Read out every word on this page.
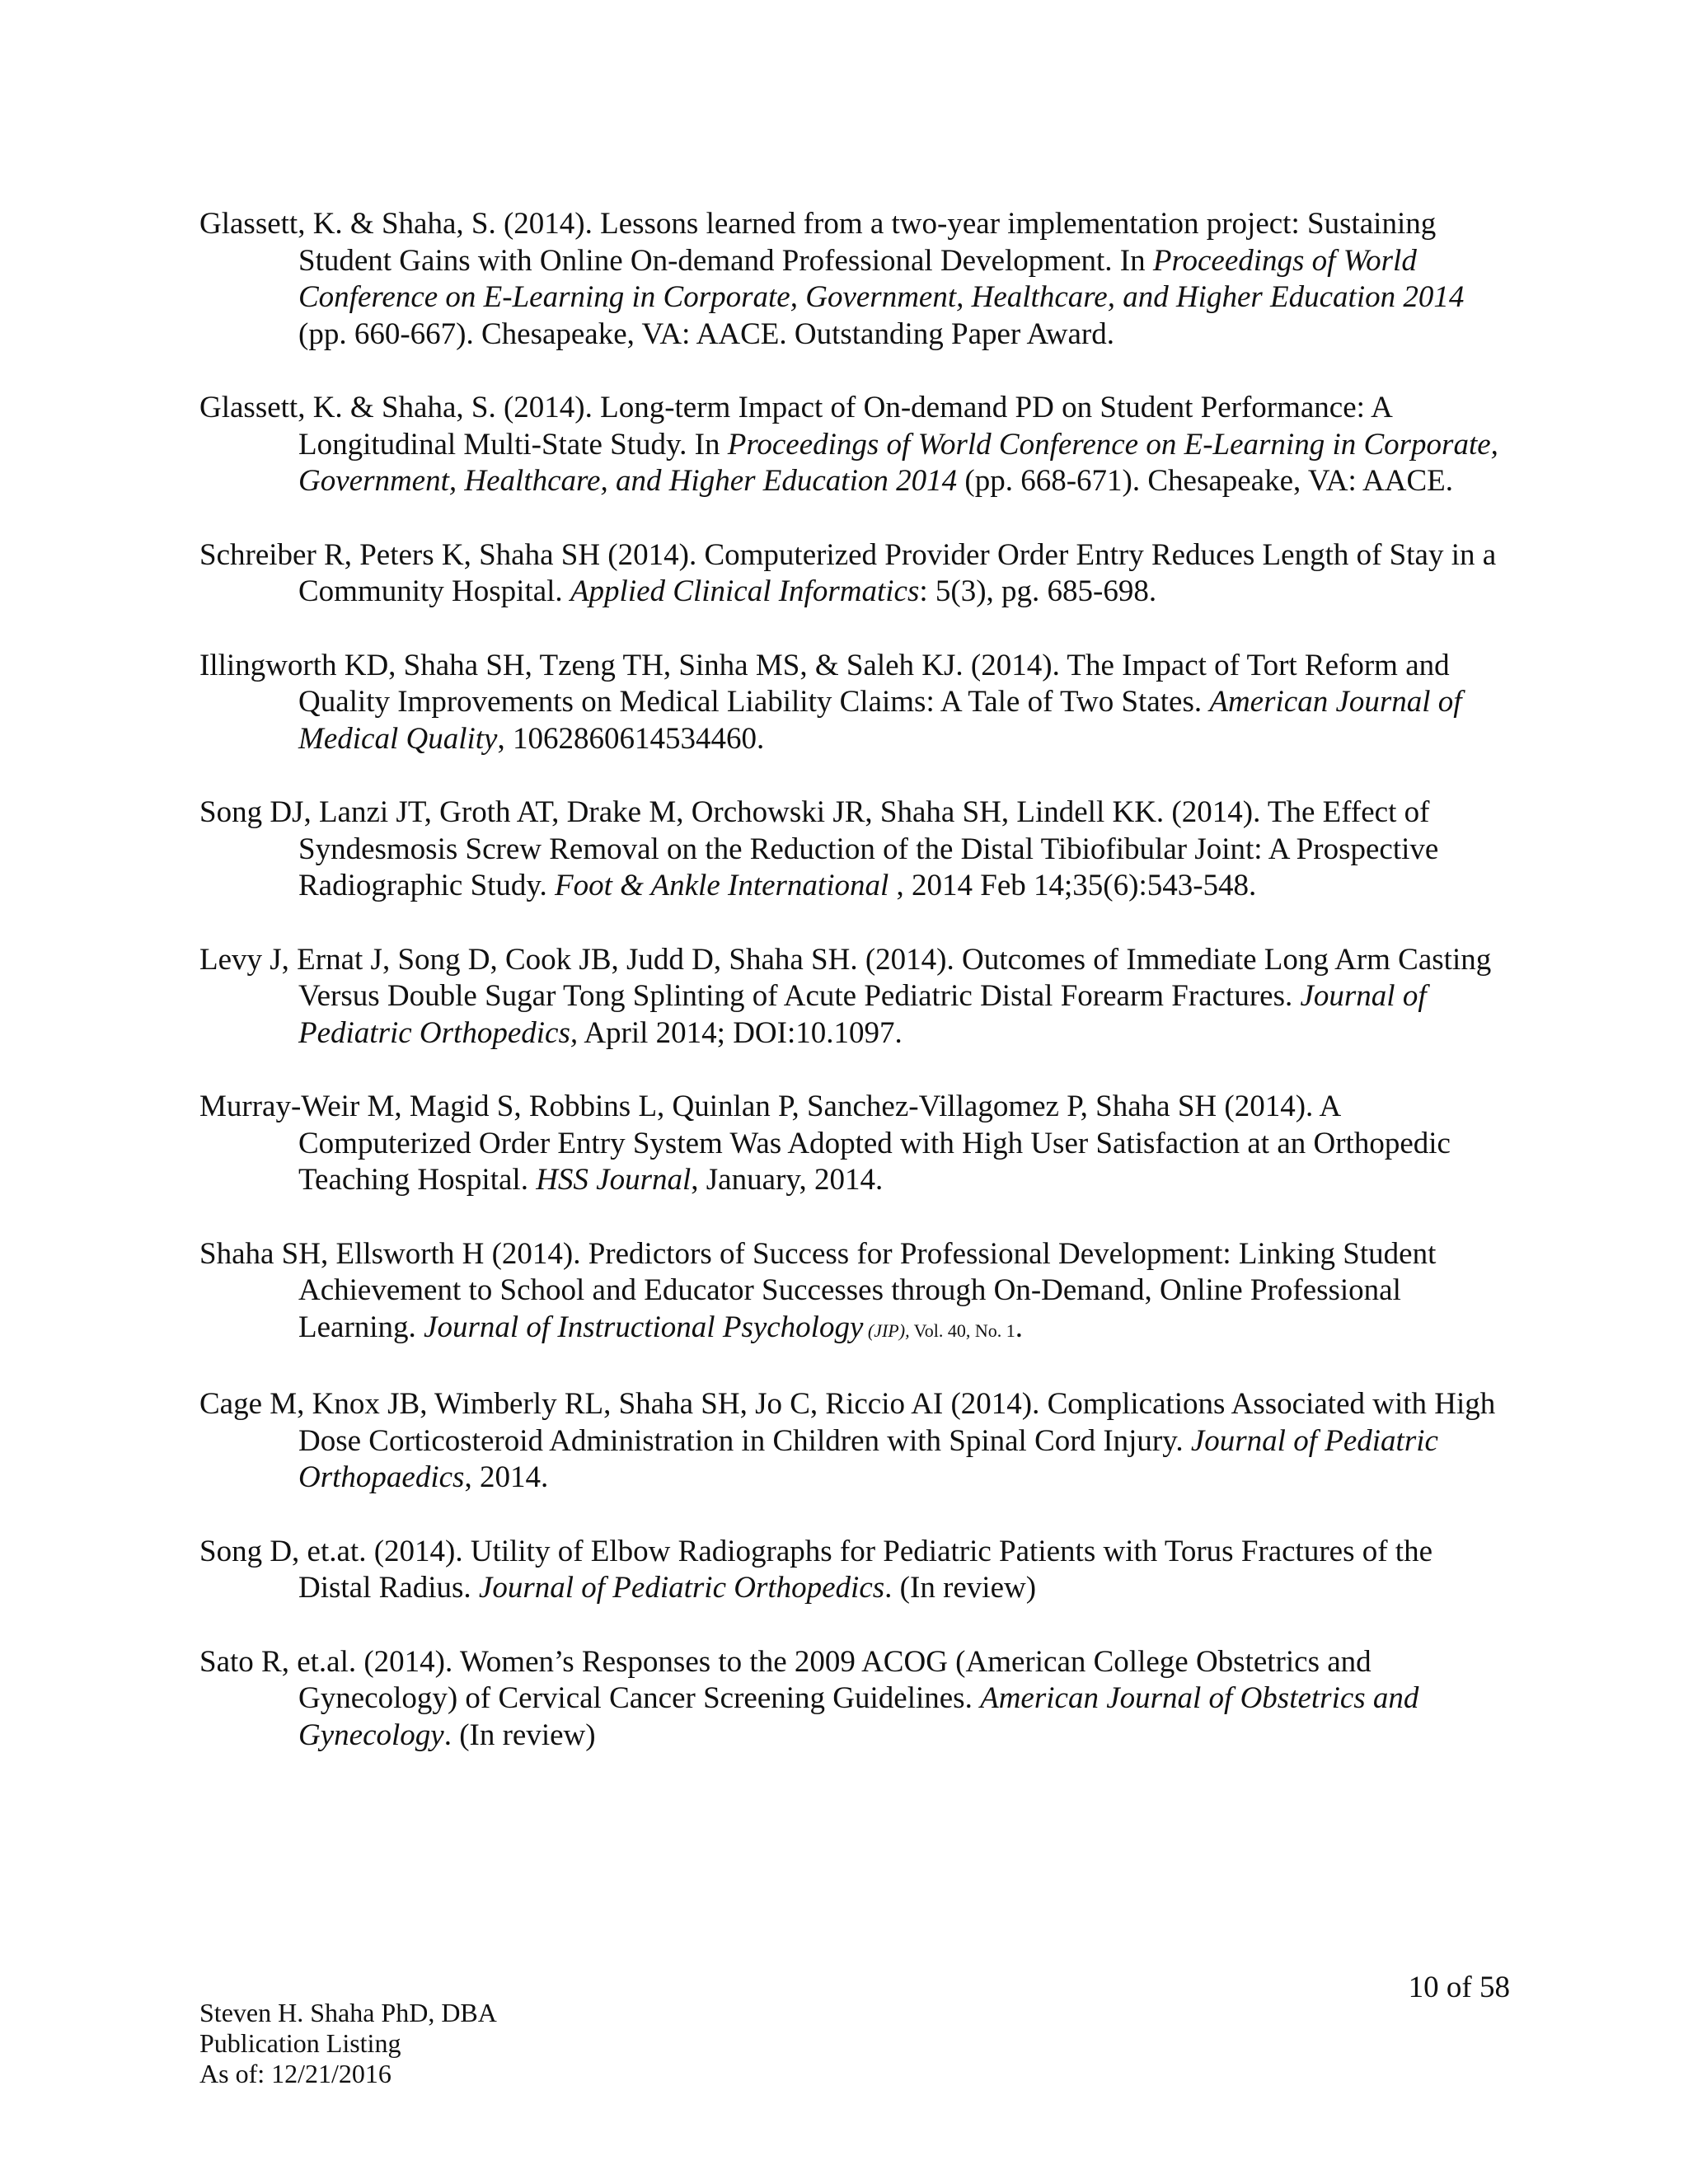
Glassett, K. & Shaha, S. (2014). Lessons learned from a two-year implementation project: Sustaining Student Gains with Online On-demand Professional Development. In Proceedings of World Conference on E-Learning in Corporate, Government, Healthcare, and Higher Education 2014 (pp. 660-667). Chesapeake, VA: AACE. Outstanding Paper Award.
Glassett, K. & Shaha, S. (2014). Long-term Impact of On-demand PD on Student Performance: A Longitudinal Multi-State Study. In Proceedings of World Conference on E-Learning in Corporate, Government, Healthcare, and Higher Education 2014 (pp. 668-671). Chesapeake, VA: AACE.
Schreiber R, Peters K, Shaha SH (2014). Computerized Provider Order Entry Reduces Length of Stay in a Community Hospital. Applied Clinical Informatics: 5(3), pg. 685-698.
Illingworth KD, Shaha SH, Tzeng TH, Sinha MS, & Saleh KJ. (2014). The Impact of Tort Reform and Quality Improvements on Medical Liability Claims: A Tale of Two States. American Journal of Medical Quality, 1062860614534460.
Song DJ, Lanzi JT, Groth AT, Drake M, Orchowski JR, Shaha SH, Lindell KK. (2014). The Effect of Syndesmosis Screw Removal on the Reduction of the Distal Tibiofibular Joint: A Prospective Radiographic Study. Foot & Ankle International , 2014 Feb 14;35(6):543-548.
Levy J, Ernat J, Song D, Cook JB, Judd D, Shaha SH. (2014). Outcomes of Immediate Long Arm Casting Versus Double Sugar Tong Splinting of Acute Pediatric Distal Forearm Fractures. Journal of Pediatric Orthopedics, April 2014; DOI:10.1097.
Murray-Weir M, Magid S, Robbins L, Quinlan P, Sanchez-Villagomez P, Shaha SH (2014). A Computerized Order Entry System Was Adopted with High User Satisfaction at an Orthopedic Teaching Hospital. HSS Journal, January, 2014.
Shaha SH, Ellsworth H (2014). Predictors of Success for Professional Development: Linking Student Achievement to School and Educator Successes through On-Demand, Online Professional Learning. Journal of Instructional Psychology (JIP), Vol. 40, No. 1.
Cage M, Knox JB, Wimberly RL, Shaha SH, Jo C, Riccio AI (2014). Complications Associated with High Dose Corticosteroid Administration in Children with Spinal Cord Injury. Journal of Pediatric Orthopaedics, 2014.
Song D, et.at. (2014). Utility of Elbow Radiographs for Pediatric Patients with Torus Fractures of the Distal Radius. Journal of Pediatric Orthopedics. (In review)
Sato R, et.al. (2014). Women’s Responses to the 2009 ACOG (American College Obstetrics and Gynecology) of Cervical Cancer Screening Guidelines. American Journal of Obstetrics and Gynecology. (In review)
10 of 58
Steven H. Shaha PhD, DBA
Publication Listing
As of: 12/21/2016
